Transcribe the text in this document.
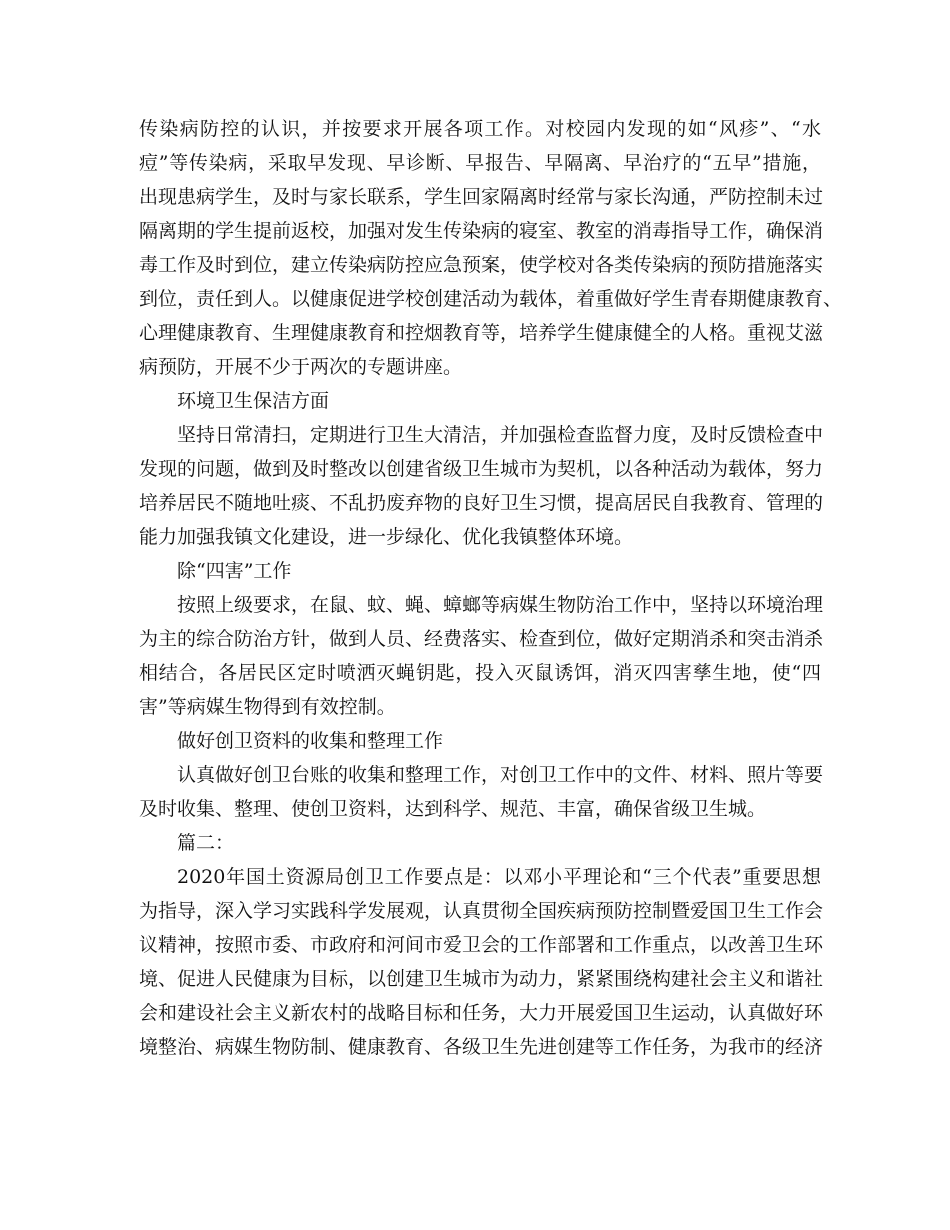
传染病防控的认识，并按要求开展各项工作。对校园内发现的如“风疹”、“水
痘”等传染病，采取早发现、早诊断、早报告、早隔离、早治疗的“五早”措施，
出现患病学生，及时与家长联系，学生回家隔离时经常与家长沟通，严防控制未过
隔离期的学生提前返校，加强对发生传染病的寝室、教室的消毒指导工作，确保消
毒工作及时到位，建立传染病防控应急预案，使学校对各类传染病的预防措施落实
到位，责任到人。以健康促进学校创建活动为载体，着重做好学生青春期健康教育、
心理健康教育、生理健康教育和控烟教育等，培养学生健康健全的人格。重视艾滋
病预防，开展不少于两次的专题讲座。
环境卫生保洁方面
坚持日常清扫，定期进行卫生大清洁，并加强检查监督力度，及时反馈检查中
发现的问题，做到及时整改以创建省级卫生城市为契机，以各种活动为载体，努力
培养居民不随地吐痰、不乱扔废弃物的良好卫生习惯，提高居民自我教育、管理的
能力加强我镇文化建设，进一步绿化、优化我镇整体环境。
除“四害”工作
按照上级要求，在鼠、蚊、蝇、蟑螂等病媒生物防治工作中，坚持以环境治理
为主的综合防治方针，做到人员、经费落实、检查到位，做好定期消杀和突击消杀
相结合，各居民区定时喷洒灭蝇钥匙，投入灭鼠诱饵，消灭四害孳生地，使“四
害”等病媒生物得到有效控制。
做好创卫资料的收集和整理工作
认真做好创卫台账的收集和整理工作，对创卫工作中的文件、材料、照片等要
及时收集、整理、使创卫资料，达到科学、规范、丰富，确保省级卫生城。
篇二：
2020年国土资源局创卫工作要点是：以邓小平理论和“三个代表”重要思想
为指导，深入学习实践科学发展观，认真贯彻全国疾病预防控制暨爱国卫生工作会
议精神，按照市委、市政府和河间市爱卫会的工作部署和工作重点，以改善卫生环
境、促进人民健康为目标，以创建卫生城市为动力，紧紧围绕构建社会主义和谐社
会和建设社会主义新农村的战略目标和任务，大力开展爱国卫生运动，认真做好环
境整治、病媒生物防制、健康教育、各级卫生先进创建等工作任务，为我市的经济
